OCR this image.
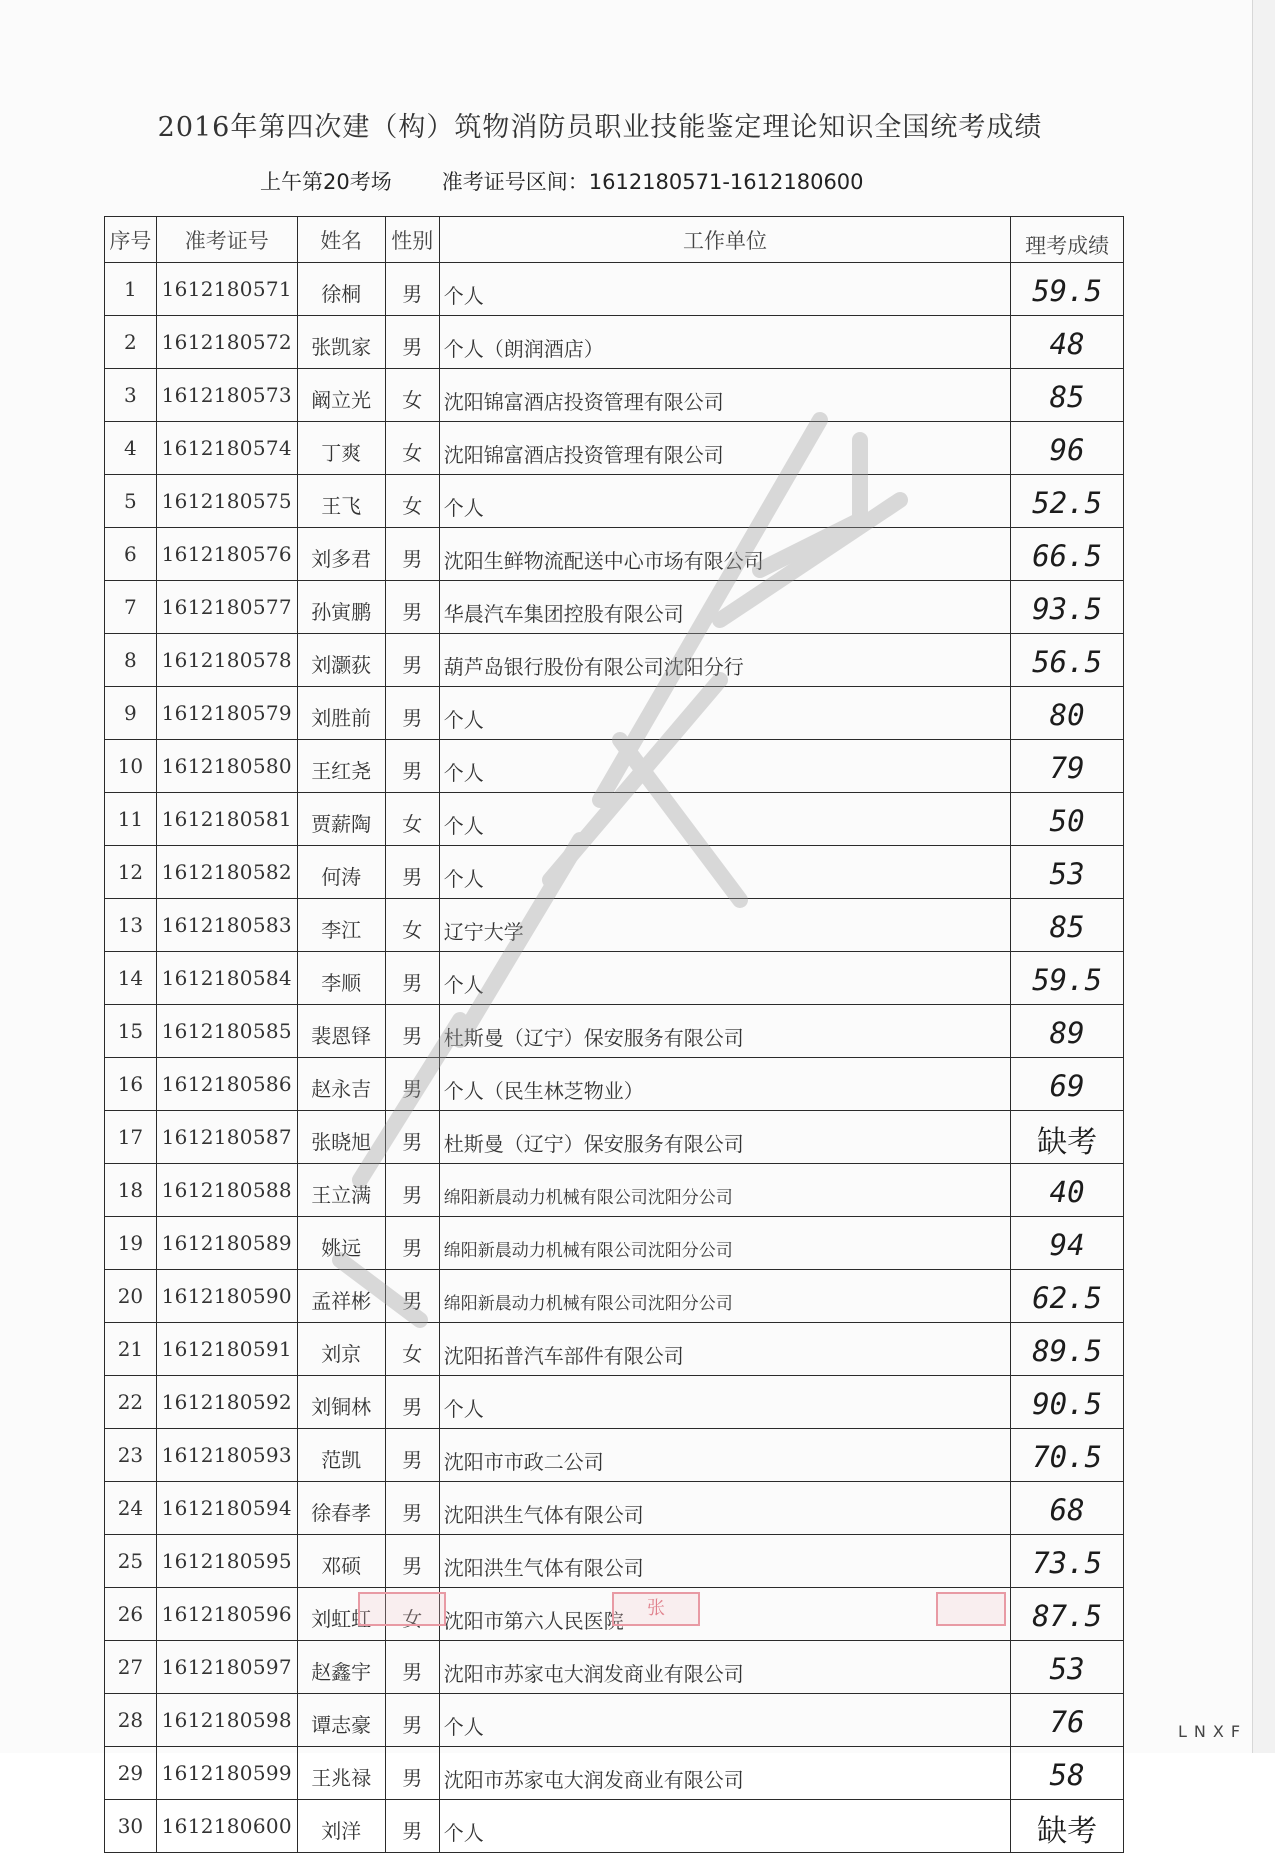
2016年第四次建（构）筑物消防员职业技能鉴定理论知识全国统考成绩
上午第20考场 准考证号区间：1612180571-1612180600
序号	准考证号	姓名	性别	工作单位	理考成绩
1	1612180571	徐桐	男	个人	59.5
2	1612180572	张凯家	男	个人（朗润酒店）	48
3	1612180573	阚立光	女	沈阳锦富酒店投资管理有限公司	85
4	1612180574	丁爽	女	沈阳锦富酒店投资管理有限公司	96
5	1612180575	王飞	女	个人	52.5
6	1612180576	刘多君	男	沈阳生鲜物流配送中心市场有限公司	66.5
7	1612180577	孙寅鹏	男	华晨汽车集团控股有限公司	93.5
8	1612180578	刘灏荻	男	葫芦岛银行股份有限公司沈阳分行	56.5
9	1612180579	刘胜前	男	个人	80
10	1612180580	王红尧	男	个人	79
11	1612180581	贾薪陶	女	个人	50
12	1612180582	何涛	男	个人	53
13	1612180583	李江	女	辽宁大学	85
14	1612180584	李顺	男	个人	59.5
15	1612180585	裴恩铎	男	杜斯曼（辽宁）保安服务有限公司	89
16	1612180586	赵永吉	男	个人（民生林芝物业）	69
17	1612180587	张晓旭	男	杜斯曼（辽宁）保安服务有限公司	缺考
18	1612180588	王立满	男	绵阳新晨动力机械有限公司沈阳分公司	40
19	1612180589	姚远	男	绵阳新晨动力机械有限公司沈阳分公司	94
20	1612180590	孟祥彬	男	绵阳新晨动力机械有限公司沈阳分公司	62.5
21	1612180591	刘京	女	沈阳拓普汽车部件有限公司	89.5
22	1612180592	刘铜林	男	个人	90.5
23	1612180593	范凯	男	沈阳市市政二公司	70.5
24	1612180594	徐春孝	男	沈阳洪生气体有限公司	68
25	1612180595	邓硕	男	沈阳洪生气体有限公司	73.5
26	1612180596	刘虹虹	女	沈阳市第六人民医院	87.5
27	1612180597	赵鑫宇	男	沈阳市苏家屯大润发商业有限公司	53
28	1612180598	谭志豪	男	个人	76
29	1612180599	王兆禄	男	沈阳市苏家屯大润发商业有限公司	58
30	1612180600	刘洋	男	个人	缺考
张
LNXF
